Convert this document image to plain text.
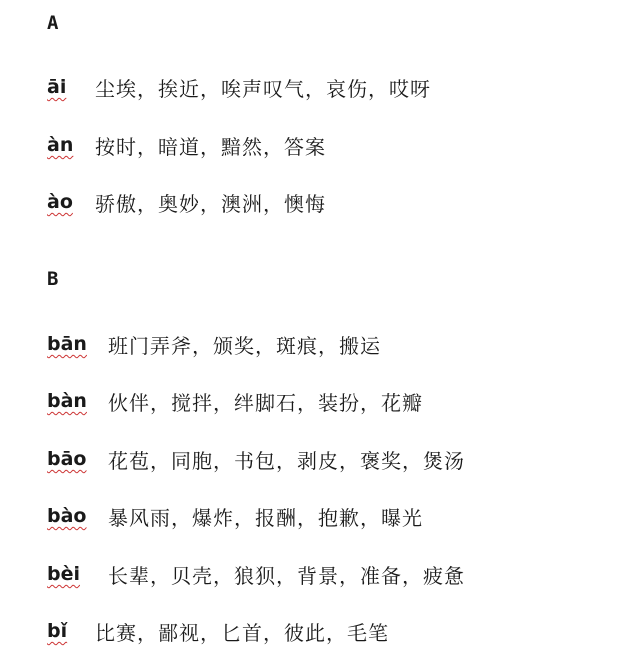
A
āi 尘埃，挨近，唉声叹气，哀伤，哎呀
àn 按时，暗道，黯然，答案
ào 骄傲，奥妙，澳洲，懊悔
B
bān 班门弄斧，颁奖，斑痕，搬运
bàn 伙伴，搅拌，绊脚石，装扮，花瓣
bāo 花苞，同胞，书包，剥皮，褒奖，煲汤
bào 暴风雨，爆炸，报酬，抱歉，曝光
bèi 长辈，贝壳，狼狈，背景，准备，疲惫
bǐ 比赛，鄙视，匕首，彼此，毛笔
